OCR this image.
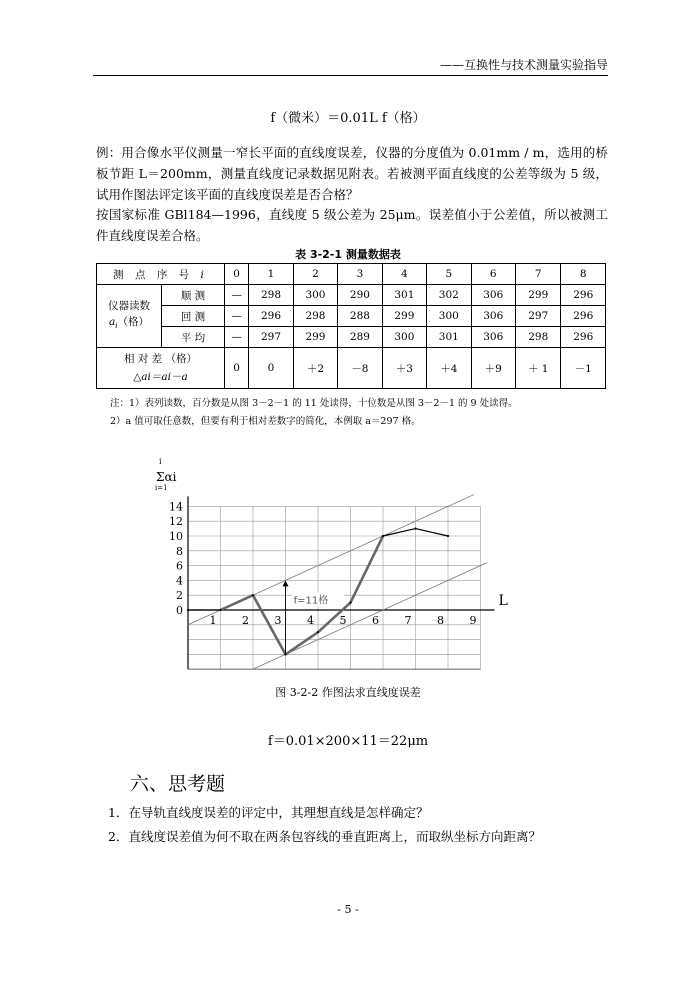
——互换性与技术测量实验指导
f（微米）＝0.01L f（格）
例：用合像水平仪测量一窄长平面的直线度误差，仪器的分度值为 0.01mm / m，选用的桥板节距 L＝200mm，测量直线度记录数据见附表。若被测平面直线度的公差等级为 5 级，试用作图法评定该平面的直线度误差是否合格？
按国家标准 GBl184—1996，直线度 5 级公差为 25μm。误差值小于公差值，所以被测工件直线度误差合格。
表 3-2-1 测量数据表
测 点 序 号 i		0	1	2	3	4	5	6	7	8

仪器读数
$a_i$（格）	顺 测	—	298	300	290	301	302	306	299	296
	回 测	—	296	298	288	299	300	306	297	296
	平 均	—	297	299	289	300	301	306	298	296

相 对 差 （格）
△ai＝ai－a		0	0	＋2	－8	＋3	＋4	＋9	＋ 1	－1
注：1）表列读数，百分数是从图 3－2－1 的 11 处读得，十位数是从图 3－2－1 的 9 处读得。
2）a 值可取任意数，但要有利于相对差数字的简化，本例取 a＝297 格。
f=11格
14
12
10
8
6
4
2
0
1 2 3 4 5 6 7 8 9
L
i
Σαi
i=1
图 3-2-2 作图法求直线度误差
f＝0.01×200×11＝22μm
六、思考题
1．在导轨直线度误差的评定中，其理想直线是怎样确定？
2．直线度误差值为何不取在两条包容线的垂直距离上，而取纵坐标方向距离？
- 5 -
